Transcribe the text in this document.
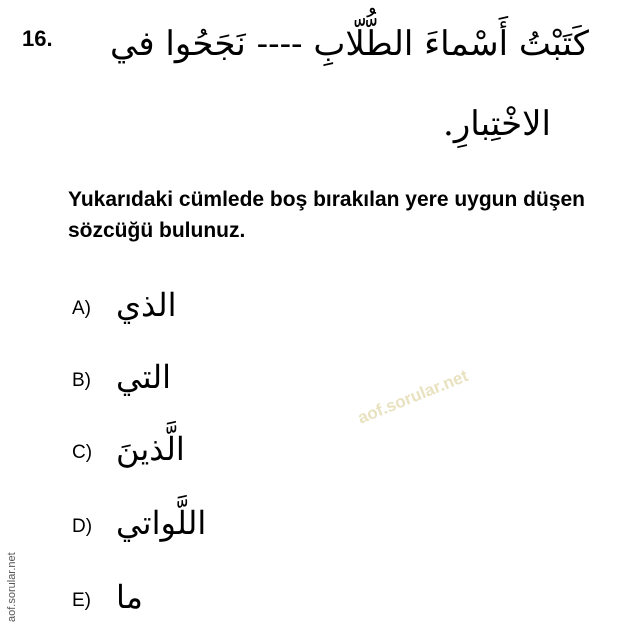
16. كَتَبْتُ أَسْماءَ الطُّلّابِ ---- نَجَحُوا في
الاخْتِبارِ.
Yukarıdaki cümlede boş bırakılan yere uygun düşen sözcüğü bulunuz.
A) الذي
B) التي
C) الَّذينَ
D) اللَّواتي
E) ما
aof.sorular.net
aof.sorular.net
